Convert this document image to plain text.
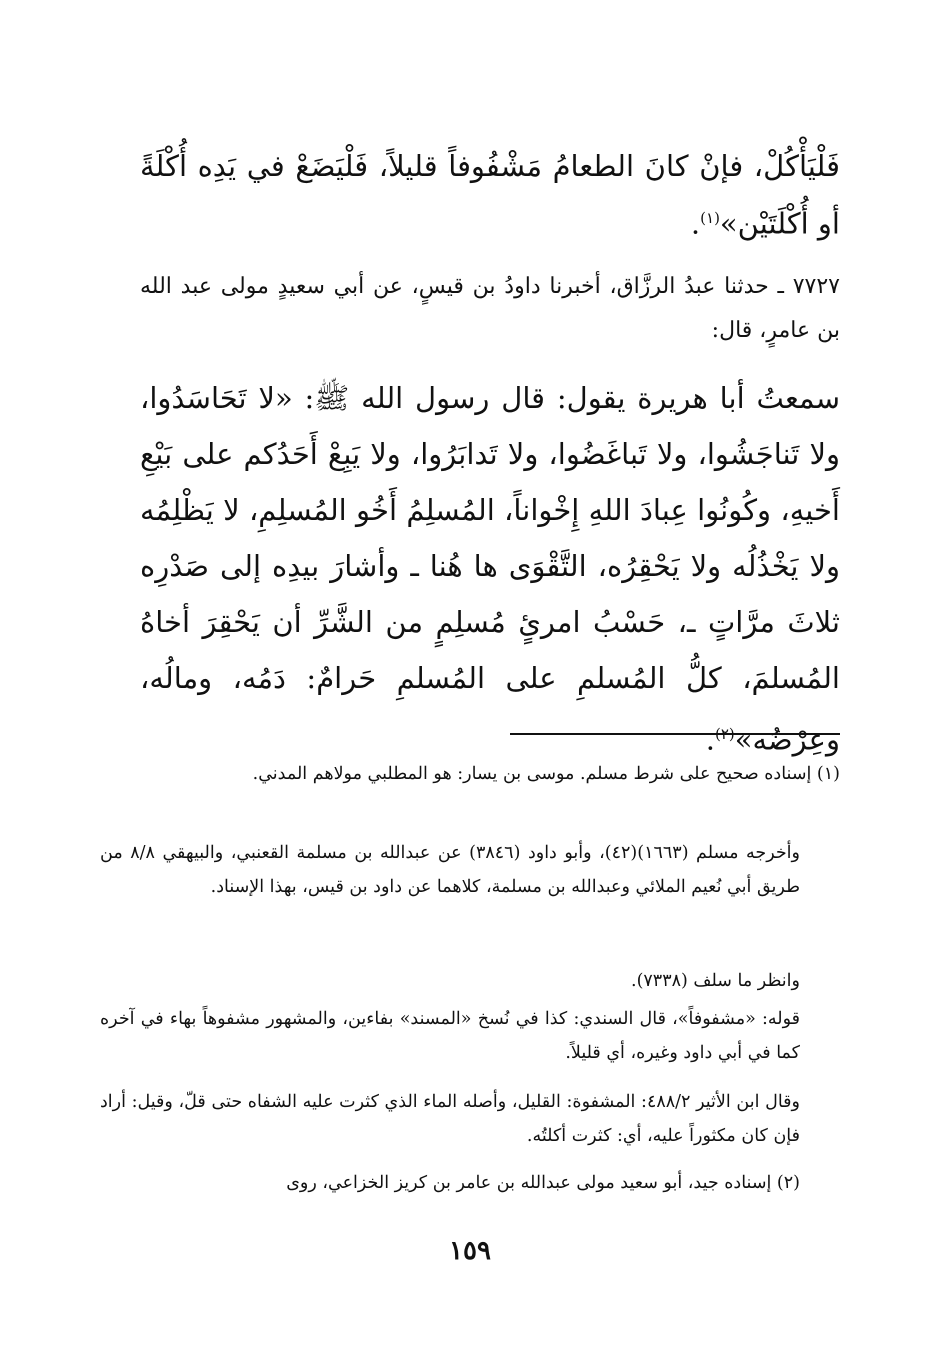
فَلْيَأْكُلْ، فإنْ كانَ الطعامُ مَشْفُوفاً قليلاً، فَلْيَضَعْ في يَدِه أُكْلَةً أو أُكْلَتَيْن»$^{(١)}$.
٧٧٢٧ ـ حدثنا عبدُ الرزَّاق، أخبرنا داودُ بن قيسٍ، عن أبي سعيدٍ مولى عبد الله بن عامرٍ، قال:
سمعتُ أبا هريرة يقول: قال رسول الله ﷺ: «لا تَحَاسَدُوا، ولا تَناجَشُوا، ولا تَباغَضُوا، ولا تَدابَرُوا، ولا يَبِعْ أَحَدُكم على بَيْعِ أَخيهِ، وكُونُوا عِبادَ اللهِ إِخْواناً، المُسلِمُ أَخُو المُسلِمِ، لا يَظْلِمُه ولا يَخْذُلُه ولا يَحْقِرُه، التَّقْوَى ها هُنا ـ وأشارَ بيدِه إلى صَدْرِه ثلاثَ مرَّاتٍ ـ، حَسْبُ امرئٍ مُسلِمٍ من الشَّرِّ أن يَحْقِرَ أخاهُ المُسلمَ، كلُّ المُسلمِ على المُسلمِ حَرامٌ: دَمُه، ومالُه، وعِرْضُه»$^{(٢)}$.
(١) إسناده صحيح على شرط مسلم. موسى بن يسار: هو المطلبي مولاهم المدني.
وأخرجه مسلم (١٦٦٣)(٤٢)، وأبو داود (٣٨٤٦) عن عبدالله بن مسلمة القعنبي، والبيهقي ٨/٨ من طريق أبي نُعيم الملائي وعبدالله بن مسلمة، كلاهما عن داود بن قيس، بهذا الإسناد.
وانظر ما سلف (٧٣٣٨).
قوله: «مشفوفاً»، قال السندي: كذا في نُسخ «المسند» بفاءين، والمشهور مشفوهاً بهاء في آخره كما في أبي داود وغيره، أي قليلاً.
وقال ابن الأثير ٤٨٨/٢: المشفوة: القليل، وأصله الماء الذي كثرت عليه الشفاه حتى قلّ، وقيل: أراد فإن كان مكثوراً عليه، أي: كثرت أكلتُه.
(٢) إسناده جيد، أبو سعيد مولى عبدالله بن عامر بن كريز الخزاعي، روى
١٥٩
